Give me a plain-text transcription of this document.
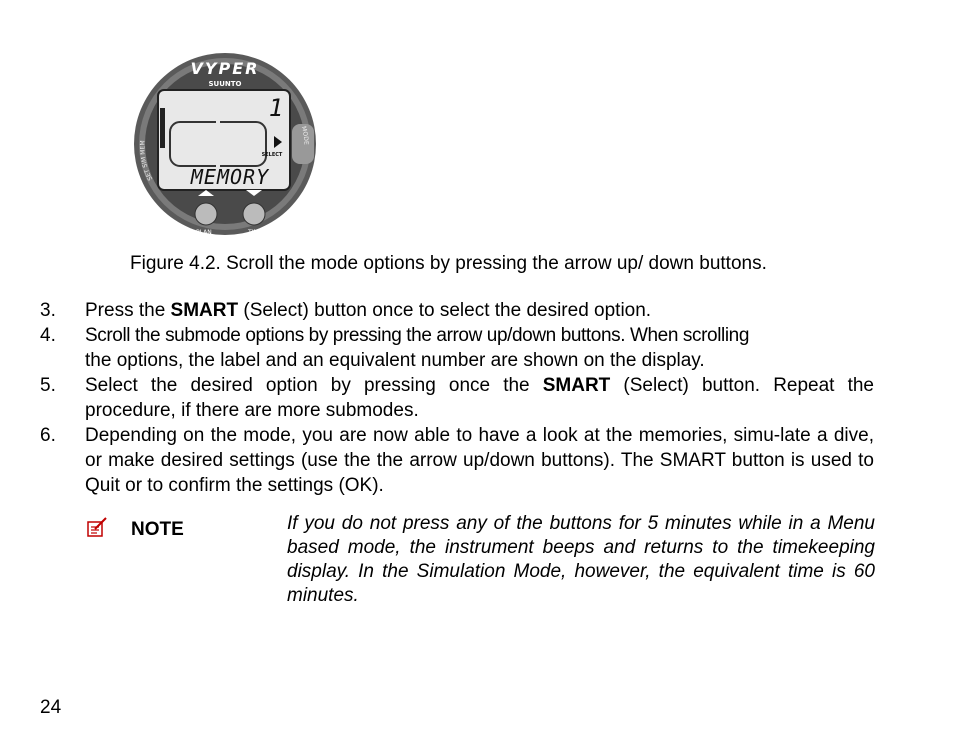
VYPER
SUUNTO
SET SIM MEM
MODE
1
SELECT
MEMORY
PLAN	TIME
Figure 4.2. Scroll the mode options by pressing the arrow up/ down buttons.
3. Press the SMART (Select) button once to select the desired option.
4. Scroll the submode options by pressing the arrow up/down buttons. When scrolling
the options, the label and an equivalent number are shown on the display.
5. Select the desired option by pressing once the SMART (Select) button. Repeat the procedure, if there are more submodes.
6. Depending on the mode, you are now able to have a look at the memories, simu-late a dive, or make desired settings (use the the arrow up/down buttons). The SMART button is used to Quit or to confirm the settings (OK).
NOTE	If you do not press any of the buttons for 5 minutes while in a Menu based mode, the instrument beeps and returns to the timekeeping display. In the Simulation Mode, however, the equivalent time is 60 minutes.
24
